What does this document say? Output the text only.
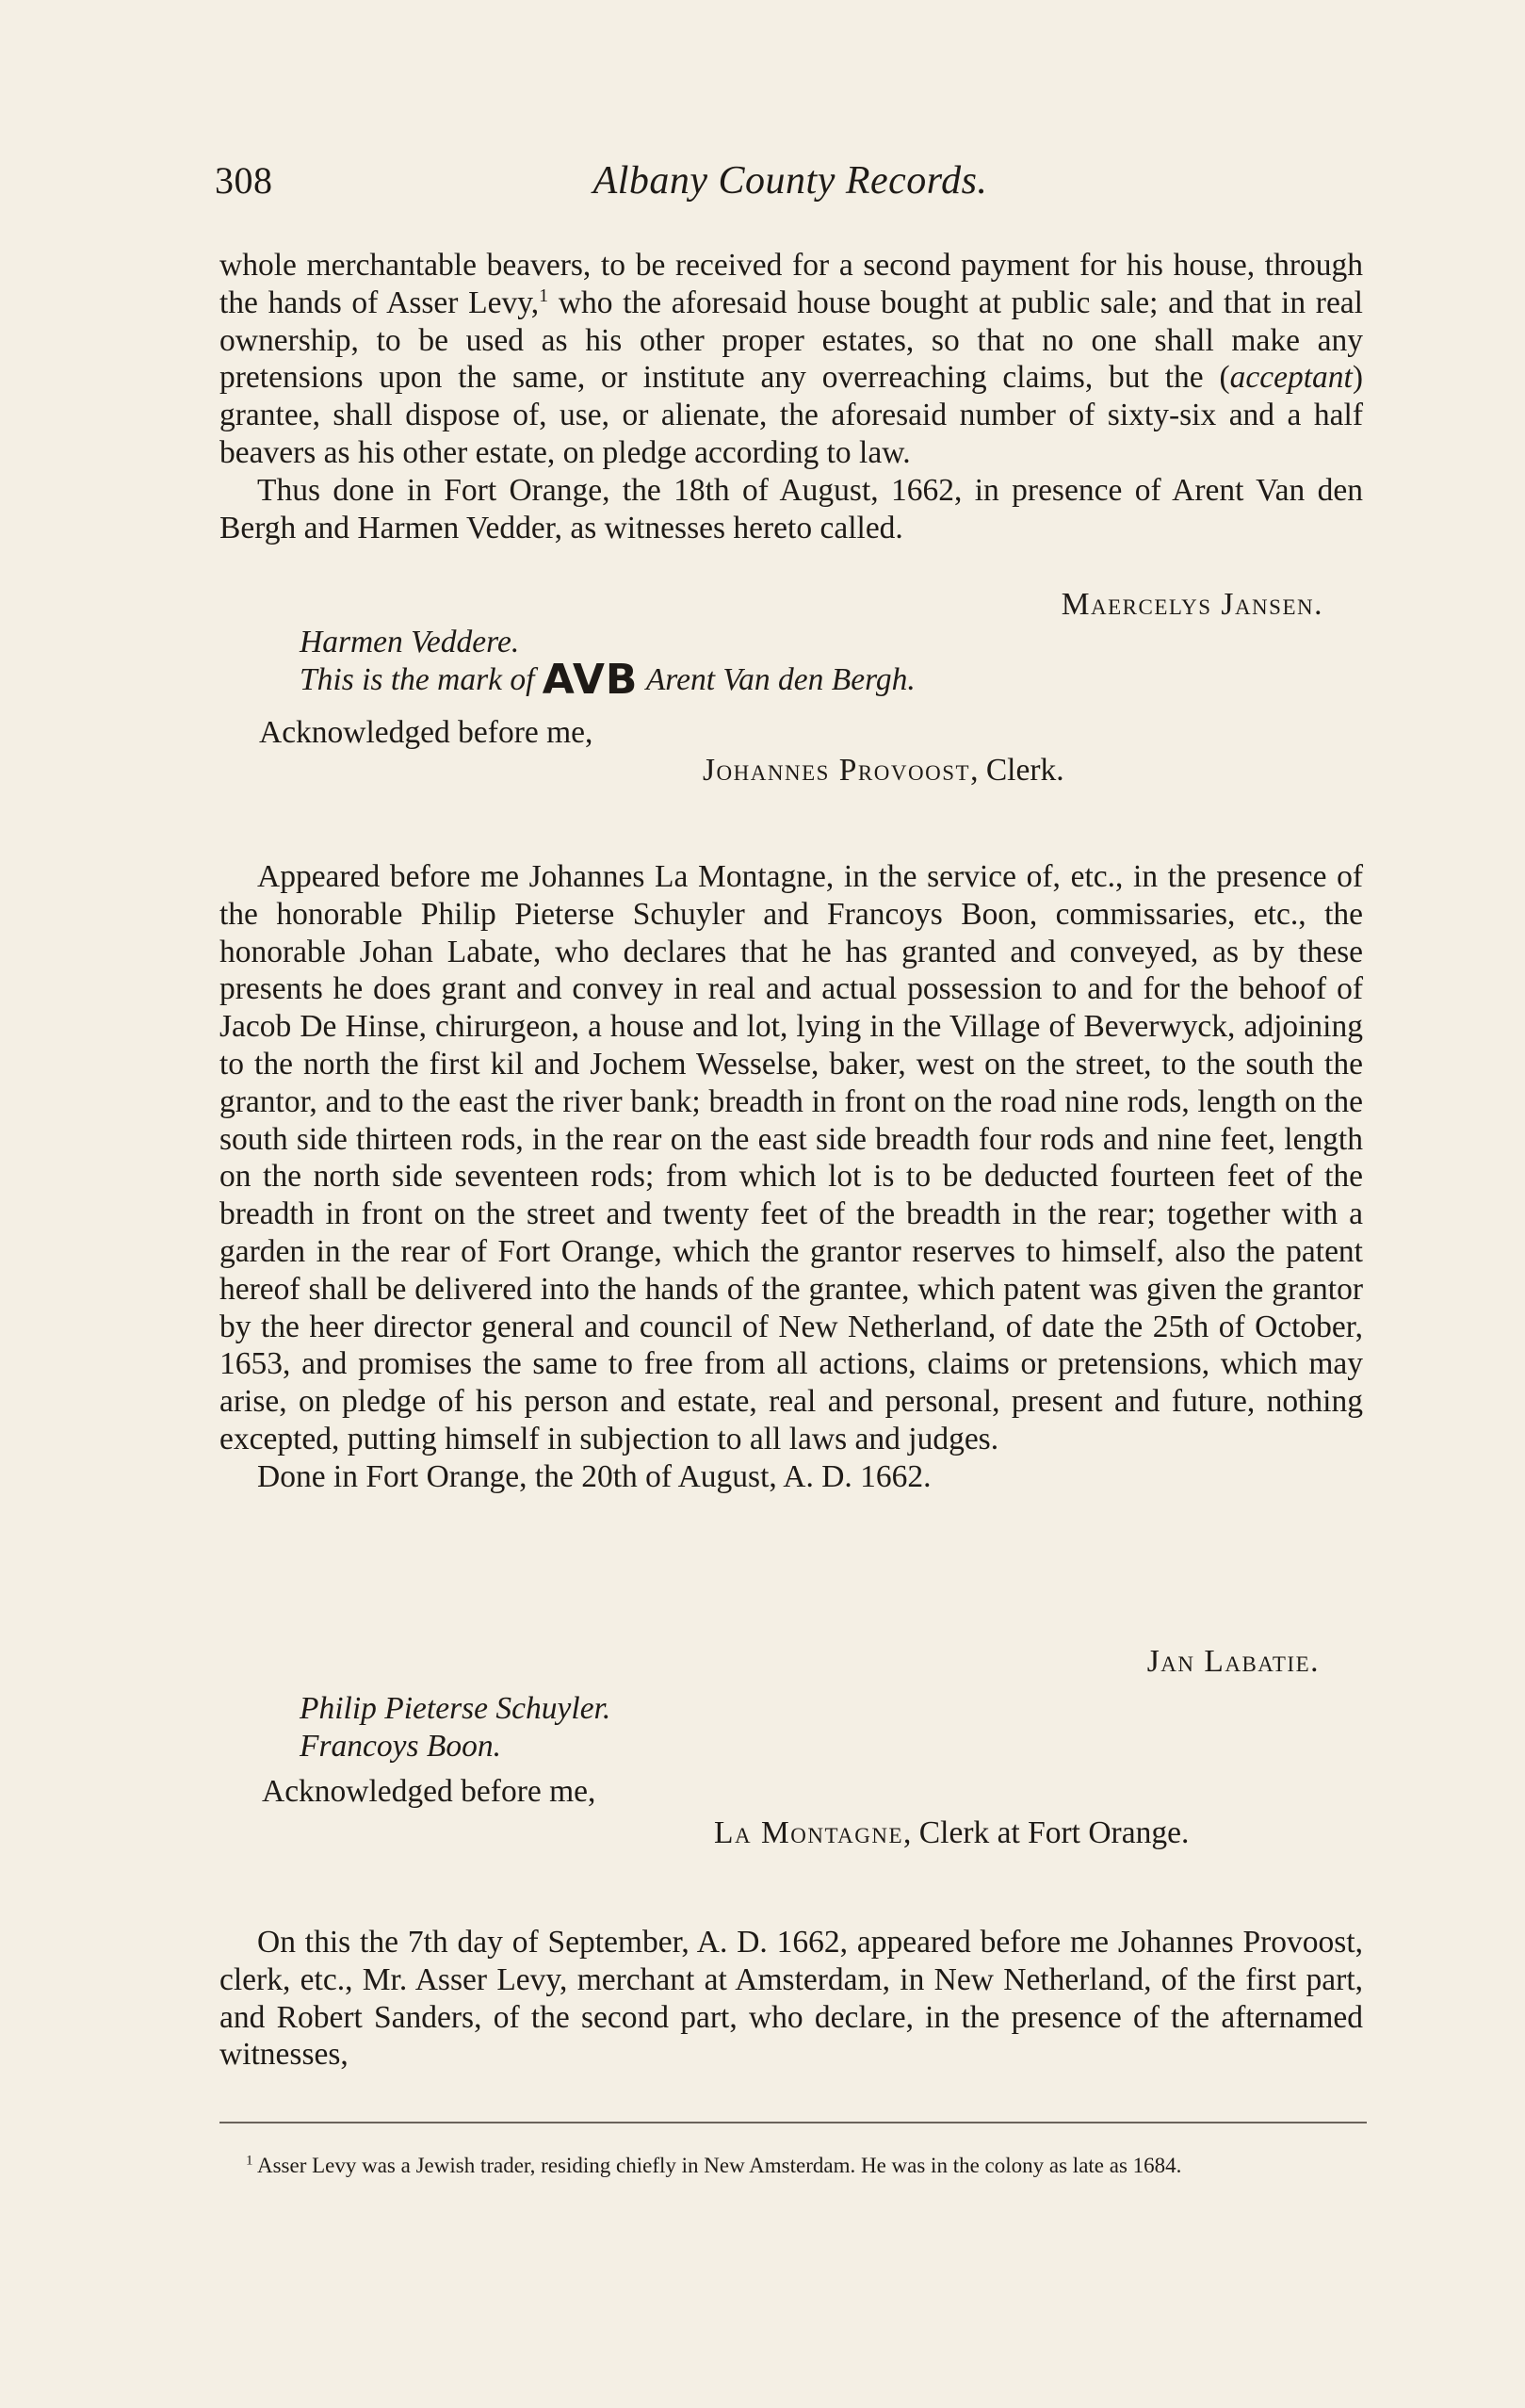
308	Albany County Records.

whole merchantable beavers, to be received for a second payment for his house, through the hands of Asser Levy,$^1$ who the aforesaid house bought at public sale; and that in real ownership, to be used as his other proper estates, so that no one shall make any pretensions upon the same, or institute any overreaching claims, but the (acceptant) grantee, shall dispose of, use, or alienate, the aforesaid number of sixty-six and a half beavers as his other estate, on pledge according to law.

Thus done in Fort Orange, the 18th of August, 1662, in presence of Arent Van den Bergh and Harmen Vedder, as witnesses hereto called.

Maercelys Jansen.
Harmen Veddere.
This is the mark of AVB Arent Van den Bergh.
Acknowledged before me,
Johannes Provoost, Clerk.

Appeared before me Johannes La Montagne, in the service of, etc., in the presence of the honorable Philip Pieterse Schuyler and Francoys Boon, commissaries, etc., the honorable Johan Labate, who declares that he has granted and conveyed, as by these presents he does grant and convey in real and actual possession to and for the behoof of Jacob De Hinse, chirurgeon, a house and lot, lying in the Village of Beverwyck, adjoining to the north the first kil and Jochem Wesselse, baker, west on the street, to the south the grantor, and to the east the river bank; breadth in front on the road nine rods, length on the south side thirteen rods, in the rear on the east side breadth four rods and nine feet, length on the north side seventeen rods; from which lot is to be deducted fourteen feet of the breadth in front on the street and twenty feet of the breadth in the rear; together with a garden in the rear of Fort Orange, which the grantor reserves to himself, also the patent hereof shall be delivered into the hands of the grantee, which patent was given the grantor by the heer director general and council of New Netherland, of date the 25th of October, 1653, and promises the same to free from all actions, claims or pretensions, which may arise, on pledge of his person and estate, real and personal, present and future, nothing excepted, putting himself in subjection to all laws and judges.

Done in Fort Orange, the 20th of August, A. D. 1662.

Jan Labatie.
Philip Pieterse Schuyler.
Francoys Boon.
Acknowledged before me,
La Montagne, Clerk at Fort Orange.

On this the 7th day of September, A. D. 1662, appeared before me Johannes Provoost, clerk, etc., Mr. Asser Levy, merchant at Amsterdam, in New Netherland, of the first part, and Robert Sanders, of the second part, who declare, in the presence of the afternamed witnesses,

$^1$ Asser Levy was a Jewish trader, residing chiefly in New Amsterdam. He was in the colony as late as 1684.
